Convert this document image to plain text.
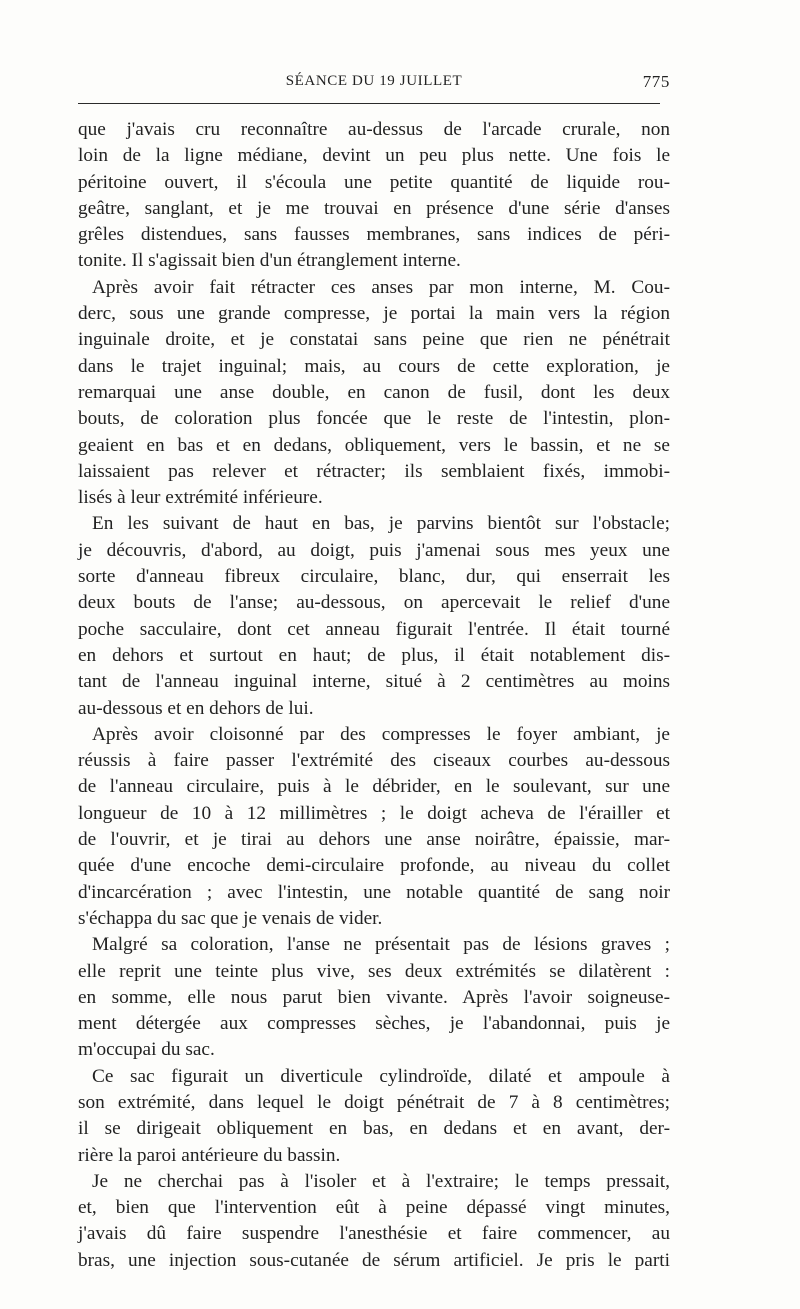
SÉANCE DU 19 JUILLET	775

que j'avais cru reconnaître au-dessus de l'arcade crurale, non

loin de la ligne médiane, devint un peu plus nette. Une fois le

péritoine ouvert, il s'écoula une petite quantité de liquide rou-

geâtre, sanglant, et je me trouvai en présence d'une série d'anses

grêles distendues, sans fausses membranes, sans indices de péri-

tonite. Il s'agissait bien d'un étranglement interne.

Après avoir fait rétracter ces anses par mon interne, M. Cou-

derc, sous une grande compresse, je portai la main vers la région

inguinale droite, et je constatai sans peine que rien ne pénétrait

dans le trajet inguinal; mais, au cours de cette exploration, je

remarquai une anse double, en canon de fusil, dont les deux

bouts, de coloration plus foncée que le reste de l'intestin, plon-

geaient en bas et en dedans, obliquement, vers le bassin, et ne se

laissaient pas relever et rétracter; ils semblaient fixés, immobi-

lisés à leur extrémité inférieure.

En les suivant de haut en bas, je parvins bientôt sur l'obstacle;

je découvris, d'abord, au doigt, puis j'amenai sous mes yeux une

sorte d'anneau fibreux circulaire, blanc, dur, qui enserrait les

deux bouts de l'anse; au-dessous, on apercevait le relief d'une

poche sacculaire, dont cet anneau figurait l'entrée. Il était tourné

en dehors et surtout en haut; de plus, il était notablement dis-

tant de l'anneau inguinal interne, situé à 2 centimètres au moins

au-dessous et en dehors de lui.

Après avoir cloisonné par des compresses le foyer ambiant, je

réussis à faire passer l'extrémité des ciseaux courbes au-dessous

de l'anneau circulaire, puis à le débrider, en le soulevant, sur une

longueur de 10 à 12 millimètres ; le doigt acheva de l'érailler et

de l'ouvrir, et je tirai au dehors une anse noirâtre, épaissie, mar-

quée d'une encoche demi-circulaire profonde, au niveau du collet

d'incarcération ; avec l'intestin, une notable quantité de sang noir

s'échappa du sac que je venais de vider.

Malgré sa coloration, l'anse ne présentait pas de lésions graves ;

elle reprit une teinte plus vive, ses deux extrémités se dilatèrent :

en somme, elle nous parut bien vivante. Après l'avoir soigneuse-

ment détergée aux compresses sèches, je l'abandonnai, puis je

m'occupai du sac.

Ce sac figurait un diverticule cylindroïde, dilaté et ampoule à

son extrémité, dans lequel le doigt pénétrait de 7 à 8 centimètres;

il se dirigeait obliquement en bas, en dedans et en avant, der-

rière la paroi antérieure du bassin.

Je ne cherchai pas à l'isoler et à l'extraire; le temps pressait,

et, bien que l'intervention eût à peine dépassé vingt minutes,

j'avais dû faire suspendre l'anesthésie et faire commencer, au

bras, une injection sous-cutanée de sérum artificiel. Je pris le parti
